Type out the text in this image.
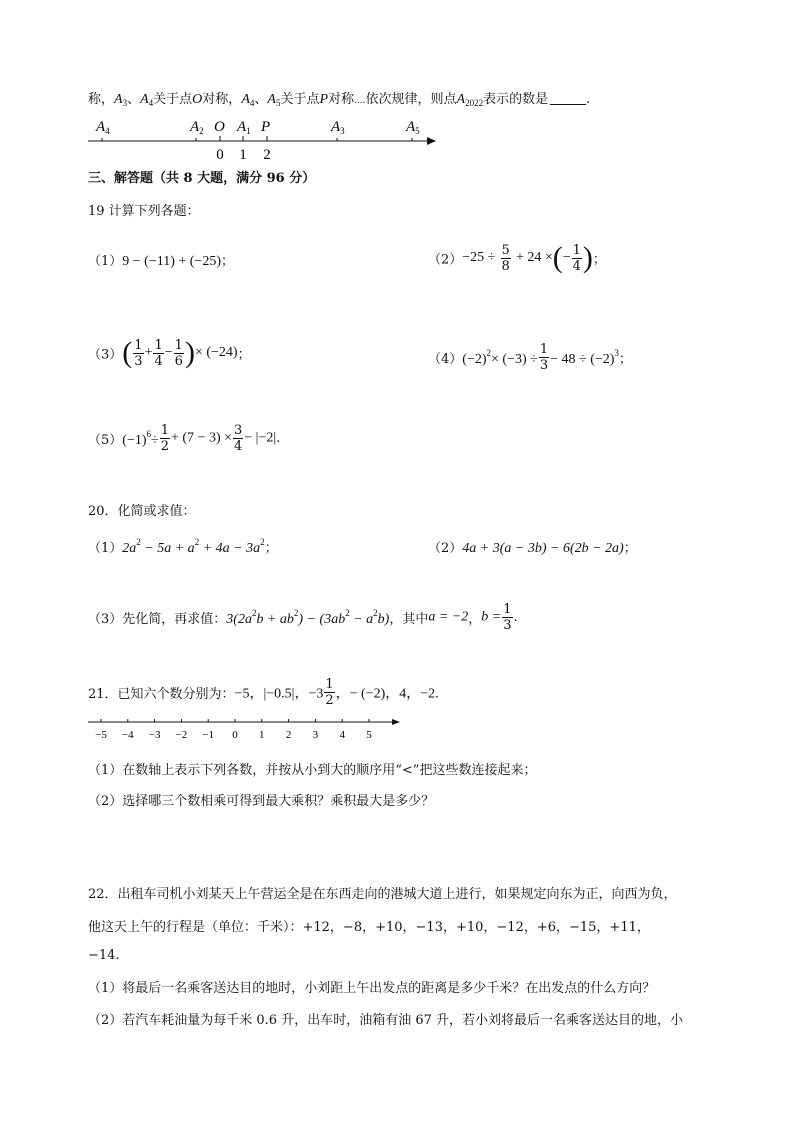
称，$A_3$、$A_4$关于点O对称，$A_4$、$A_5$关于点P对称....依次规律，则点$A_{2022}$表示的数是	.
$A_4$	$A_2$ O $A_1$ P	$A_3$	$A_5$
0 1 2
三、解答题（共 8 大题，满分 96 分）
19 计算下列各题：
（1）9 − (−11) + (−25)；	$(2)-25 \div \frac{5}{8} + 24$ ×(− $\frac{1}{4}$ )；
$(3)( \frac{1}{3} + \frac{1}{4} - \frac{1}{6}$ )× (−24)；	$(4)(-2)^2\times (-3) \div \frac{1}{3} - 48 \div (-2)^3$；
$(5)(-1)^6\div \frac{1}{2} + (7 - 3) \times \frac{3}{4} - |-2|$.
20．化简或求值：
$(1)2a^2 - 5a + a^2 + 4a - 3a^2$；	（2）4a + 3(a − 3b) − 6(2b − 2a)；
（3）先化简，再求值：$3(2a^2b + ab^2) - (3ab^2 - a^2b)$，其中a = −2，$b = \frac{1}{3}$ .
21．已知六个数分别为：−5，|−0.5|，$-3 \frac{1}{2}$ ，− (−2)，4，−2.
−5 −4 −3 −2 −1 0 1 2 3 4 5
（1）在数轴上表示下列各数，并按从小到大的顺序用“<”把这些数连接起来；
（2）选择哪三个数相乘可得到最大乘积？乘积最大是多少？
22．出租车司机小刘某天上午营运全是在东西走向的港城大道上进行，如果规定向东为正，向西为负，
他这天上午的行程是（单位：千米）：+12，−8，+10，−13，+10，−12，+6，−15，+11，
−14.
（1）将最后一名乘客送达目的地时，小刘距上午出发点的距离是多少千米？在出发点的什么方向？
（2）若汽车耗油量为每千米 0.6 升，出车时，油箱有油 67 升，若小刘将最后一名乘客送达目的地，小
